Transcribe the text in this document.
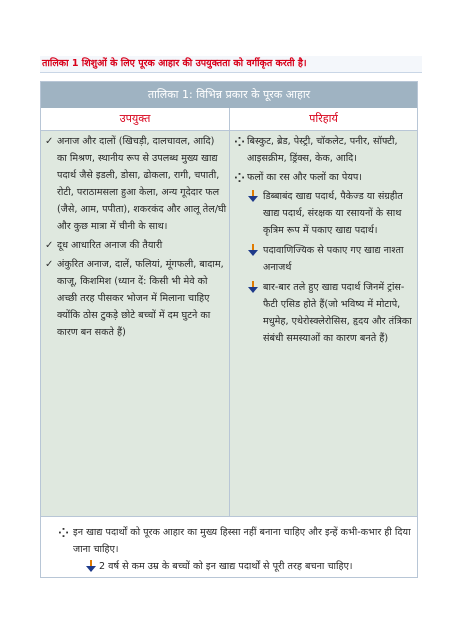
तालिका 1 शिशुओं के लिए पूरक आहार की उपयुक्तता को वर्गीकृत करती है।
तालिका 1: विभिन्न प्रकार के पूरक आहार
उपयुक्त	परिहार्य
✓ अनाज और दालों (खिचड़ी, दालचावल, आदि) का मिश्रण, स्थानीय रूप से उपलब्ध मुख्य खाद्य पदार्थ जैसे इडली, डोसा, ढोकला, रागी, चपाती, रोटी, पराठामसला हुआ केला, अन्य गूदेदार फल (जैसे, आम, पपीता), शकरकंद और आलू तेल/घी और कुछ मात्रा में चीनी के साथ।
✓ दूध आधारित अनाज की तैयारी
✓ अंकुरित अनाज, दालें, फलियां, मूंगफली, बादाम, काजू, किशमिश (ध्यान दें: किसी भी मेवे को अच्छी तरह पीसकर भोजन में मिलाना चाहिए क्योंकि ठोस टुकड़े छोटे बच्चों में दम घुटने का कारण बन सकते हैं)
बिस्कुट, ब्रेड, पेस्ट्री, चॉकलेट, पनीर, सॉफ्टी, आइसक्रीम, ड्रिंक्स, केक, आदि।
फलों का रस और फलों का पेयप।
डिब्बाबंद खाद्य पदार्थ, पैकेज्ड या संग्रहीत खाद्य पदार्थ, संरक्षक या रसायनों के साथ कृत्रिम रूप में पकाए खाद्य पदार्थ।
पदावाणिज्यिक से पकाए गए खाद्य नाश्ता अनाजर्थ
बार-बार तले हुए खाद्य पदार्थ जिनमें ट्रांस-फैटी एसिड होते हैं(जो भविष्य में मोटापे, मधुमेह, एथेरोस्क्लेरोसिस, हृदय और तंत्रिका संबंधी समस्याओं का कारण बनते हैं)
इन खाद्य पदार्थों को पूरक आहार का मुख्य हिस्सा नहीं बनाना चाहिए और इन्हें कभी-कभार ही दिया जाना चाहिए।
2 वर्ष से कम उम्र के बच्चों को इन खाद्य पदार्थों से पूरी तरह बचना चाहिए।
